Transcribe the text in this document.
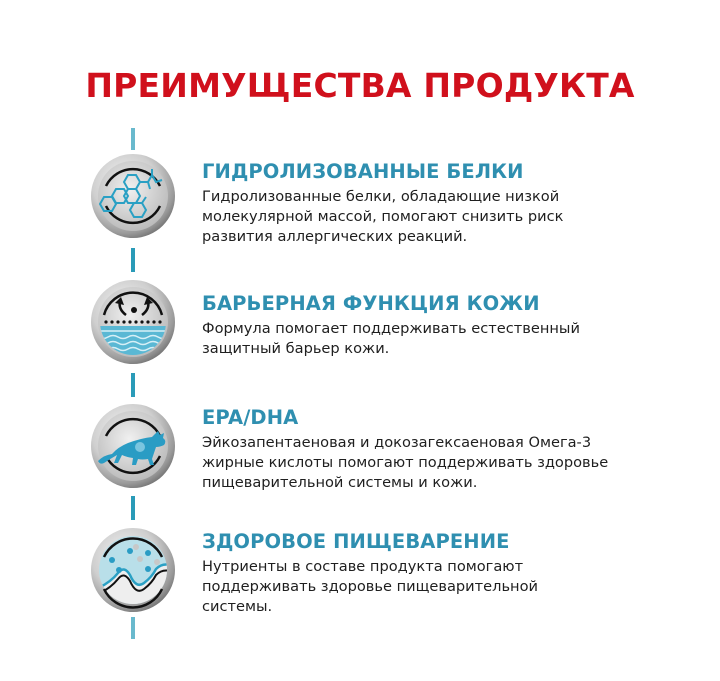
ПРЕИМУЩЕСТВА ПРОДУКТА
ГИДРОЛИЗОВАННЫЕ БЕЛКИ

Гидролизованные белки, обладающие низкой
молекулярной массой, помогают снизить риск
развития аллергических реакций.

БАРЬЕРНАЯ ФУНКЦИЯ КОЖИ

Формула помогает поддерживать естественный
защитный барьер кожи.

EPA/DHA

Эйкозапентаеновая и докозагексаеновая Омега-3
жирные кислоты помогают поддерживать здоровье
пищеварительной системы и кожи.

ЗДОРОВОЕ ПИЩЕВАРЕНИЕ

Нутриенты в составе продукта помогают
поддерживать здоровье пищеварительной
системы.
